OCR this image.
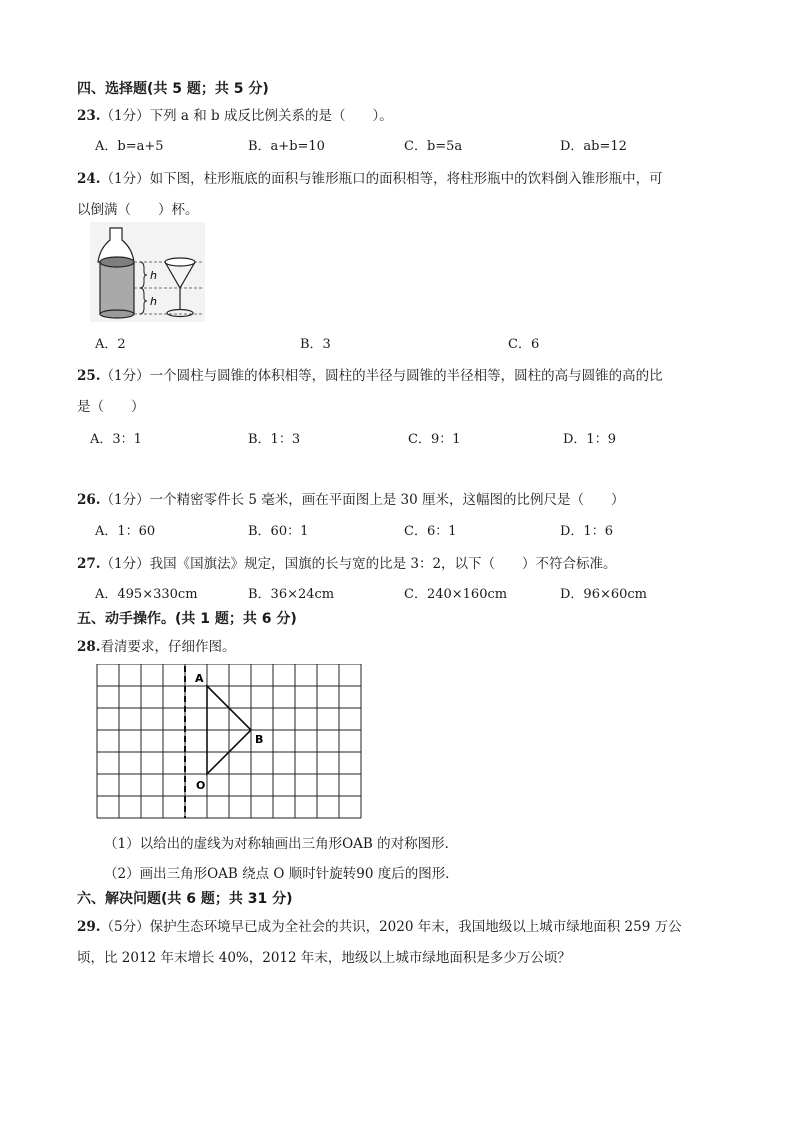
四、选择题(共 5 题；共 5 分)
23.（1分）下列 a 和 b 成反比例关系的是（　　）。
A．b=a+5	B．a+b=10	C．b=5a	D．ab=12
24.（1分）如下图，柱形瓶底的面积与锥形瓶口的面积相等，将柱形瓶中的饮料倒入锥形瓶中，可
以倒满（　　）杯。
h
h
A．2	B．3	C．6
25.（1分）一个圆柱与圆锥的体积相等，圆柱的半径与圆锥的半径相等，圆柱的高与圆锥的高的比
是（　　）
A．3：1	B．1：3	C．9：1	D．1：9
26.（1分）一个精密零件长 5 毫米，画在平面图上是 30 厘米，这幅图的比例尺是（　　）
A．1：60	B．60：1	C．6：1	D．1：6
27.（1分）我国《国旗法》规定，国旗的长与宽的比是 3：2，以下（　　）不符合标准。
A．495×330cm	B．36×24cm	C．240×160cm	D．96×60cm
五、动手操作。(共 1 题；共 6 分)
28.看清要求，仔细作图。
A
B
O
（1）以给出的虚线为对称轴画出三角形OAB 的对称图形．
（2）画出三角形OAB 绕点 O 顺时针旋转90 度后的图形．
六、解决问题(共 6 题；共 31 分)
29.（5分）保护生态环境早已成为全社会的共识，2020 年末，我国地级以上城市绿地面积 259 万公
顷，比 2012 年末增长 40%，2012 年末，地级以上城市绿地面积是多少万公顷？
